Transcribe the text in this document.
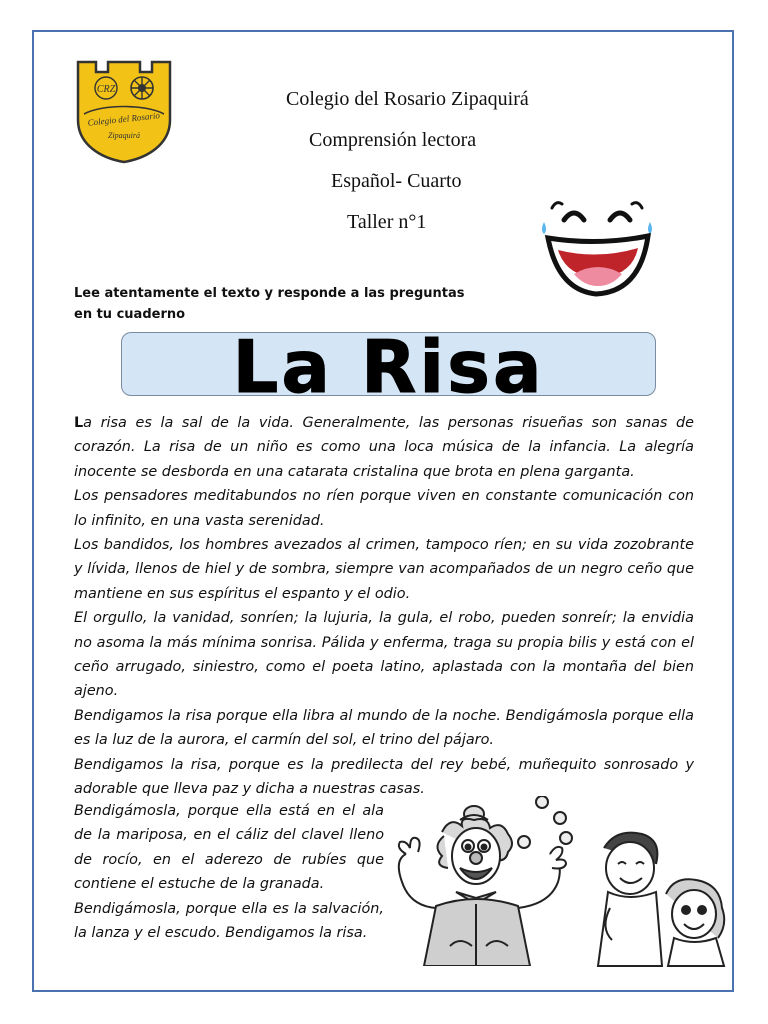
CRZ
Colegio del Rosario
Zipaquirá
Colegio del Rosario Zipaquirá
Comprensión lectora
Español- Cuarto
Taller n°1
Lee atentamente el texto y responde a las preguntas en tu cuaderno
La Risa

La risa es la sal de la vida. Generalmente, las personas risueñas son sanas de corazón. La risa de un niño es como una loca música de la infancia. La alegría inocente se desborda en una catarata cristalina que brota en plena garganta.

Los pensadores meditabundos no ríen porque viven en constante comunicación con lo infinito, en una vasta serenidad.

Los bandidos, los hombres avezados al crimen, tampoco ríen; en su vida zozobrante y lívida, llenos de hiel y de sombra, siempre van acompañados de un negro ceño que mantiene en sus espíritus el espanto y el odio.

El orgullo, la vanidad, sonríen; la lujuria, la gula, el robo, pueden sonreír; la envidia no asoma la más mínima sonrisa. Pálida y enferma, traga su propia bilis y está con el ceño arrugado, siniestro, como el poeta latino, aplastada con la montaña del bien ajeno.

Bendigamos la risa porque ella libra al mundo de la noche. Bendigámosla porque ella es la luz de la aurora, el carmín del sol, el trino del pájaro.

Bendigamos la risa, porque es la predilecta del rey bebé, muñequito sonrosado y adorable que lleva paz y dicha a nuestras casas.

Bendigámosla, porque ella está en el ala de la mariposa, en el cáliz del clavel lleno de rocío, en el aderezo de rubíes que contiene el estuche de la granada.

Bendigámosla, porque ella es la salvación, la lanza y el escudo. Bendigamos la risa.
